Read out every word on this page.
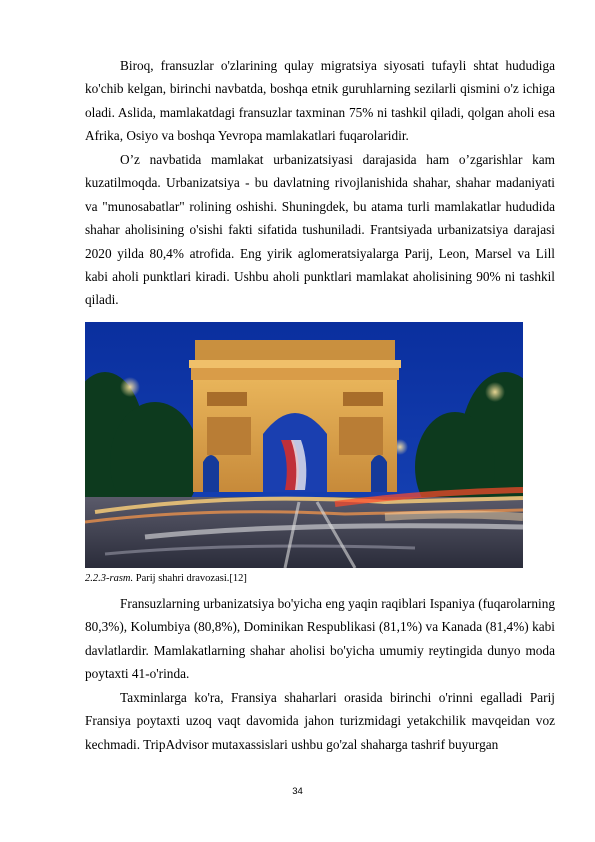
Biroq, fransuzlar o'zlarining qulay migratsiya siyosati tufayli shtat hududiga ko'chib kelgan, birinchi navbatda, boshqa etnik guruhlarning sezilarli qismini o'z ichiga oladi. Aslida, mamlakatdagi fransuzlar taxminan 75% ni tashkil qiladi, qolgan aholi esa Afrika, Osiyo va boshqa Yevropa mamlakatlari fuqarolaridir.

O’z navbatida mamlakat urbanizatsiyasi darajasida ham o’zgarishlar kam kuzatilmoqda. Urbanizatsiya - bu davlatning rivojlanishida shahar, shahar madaniyati va "munosabatlar" rolining oshishi. Shuningdek, bu atama turli mamlakatlar hududida shahar aholisining o'sishi fakti sifatida tushuniladi. Frantsiyada urbanizatsiya darajasi 2020 yilda 80,4% atrofida. Eng yirik aglomeratsiyalarga Parij, Leon, Marsel va Lill kabi aholi punktlari kiradi. Ushbu aholi punktlari mamlakat aholisining 90% ni tashkil qiladi.

2.2.3-rasm. Parij shahri dravozasi.[12]

Fransuzlarning urbanizatsiya bo'yicha eng yaqin raqiblari Ispaniya (fuqarolarning 80,3%), Kolumbiya (80,8%), Dominikan Respublikasi (81,1%) va Kanada (81,4%) kabi davlatlardir. Mamlakatlarning shahar aholisi bo'yicha umumiy reytingida dunyo moda poytaxti 41-o'rinda.

Taxminlarga ko'ra, Fransiya shaharlari orasida birinchi o'rinni egalladi Parij Fransiya poytaxti uzoq vaqt davomida jahon turizmidagi yetakchilik mavqeidan voz kechmadi. TripAdvisor mutaxassislari ushbu go'zal shaharga tashrif buyurgan

34
